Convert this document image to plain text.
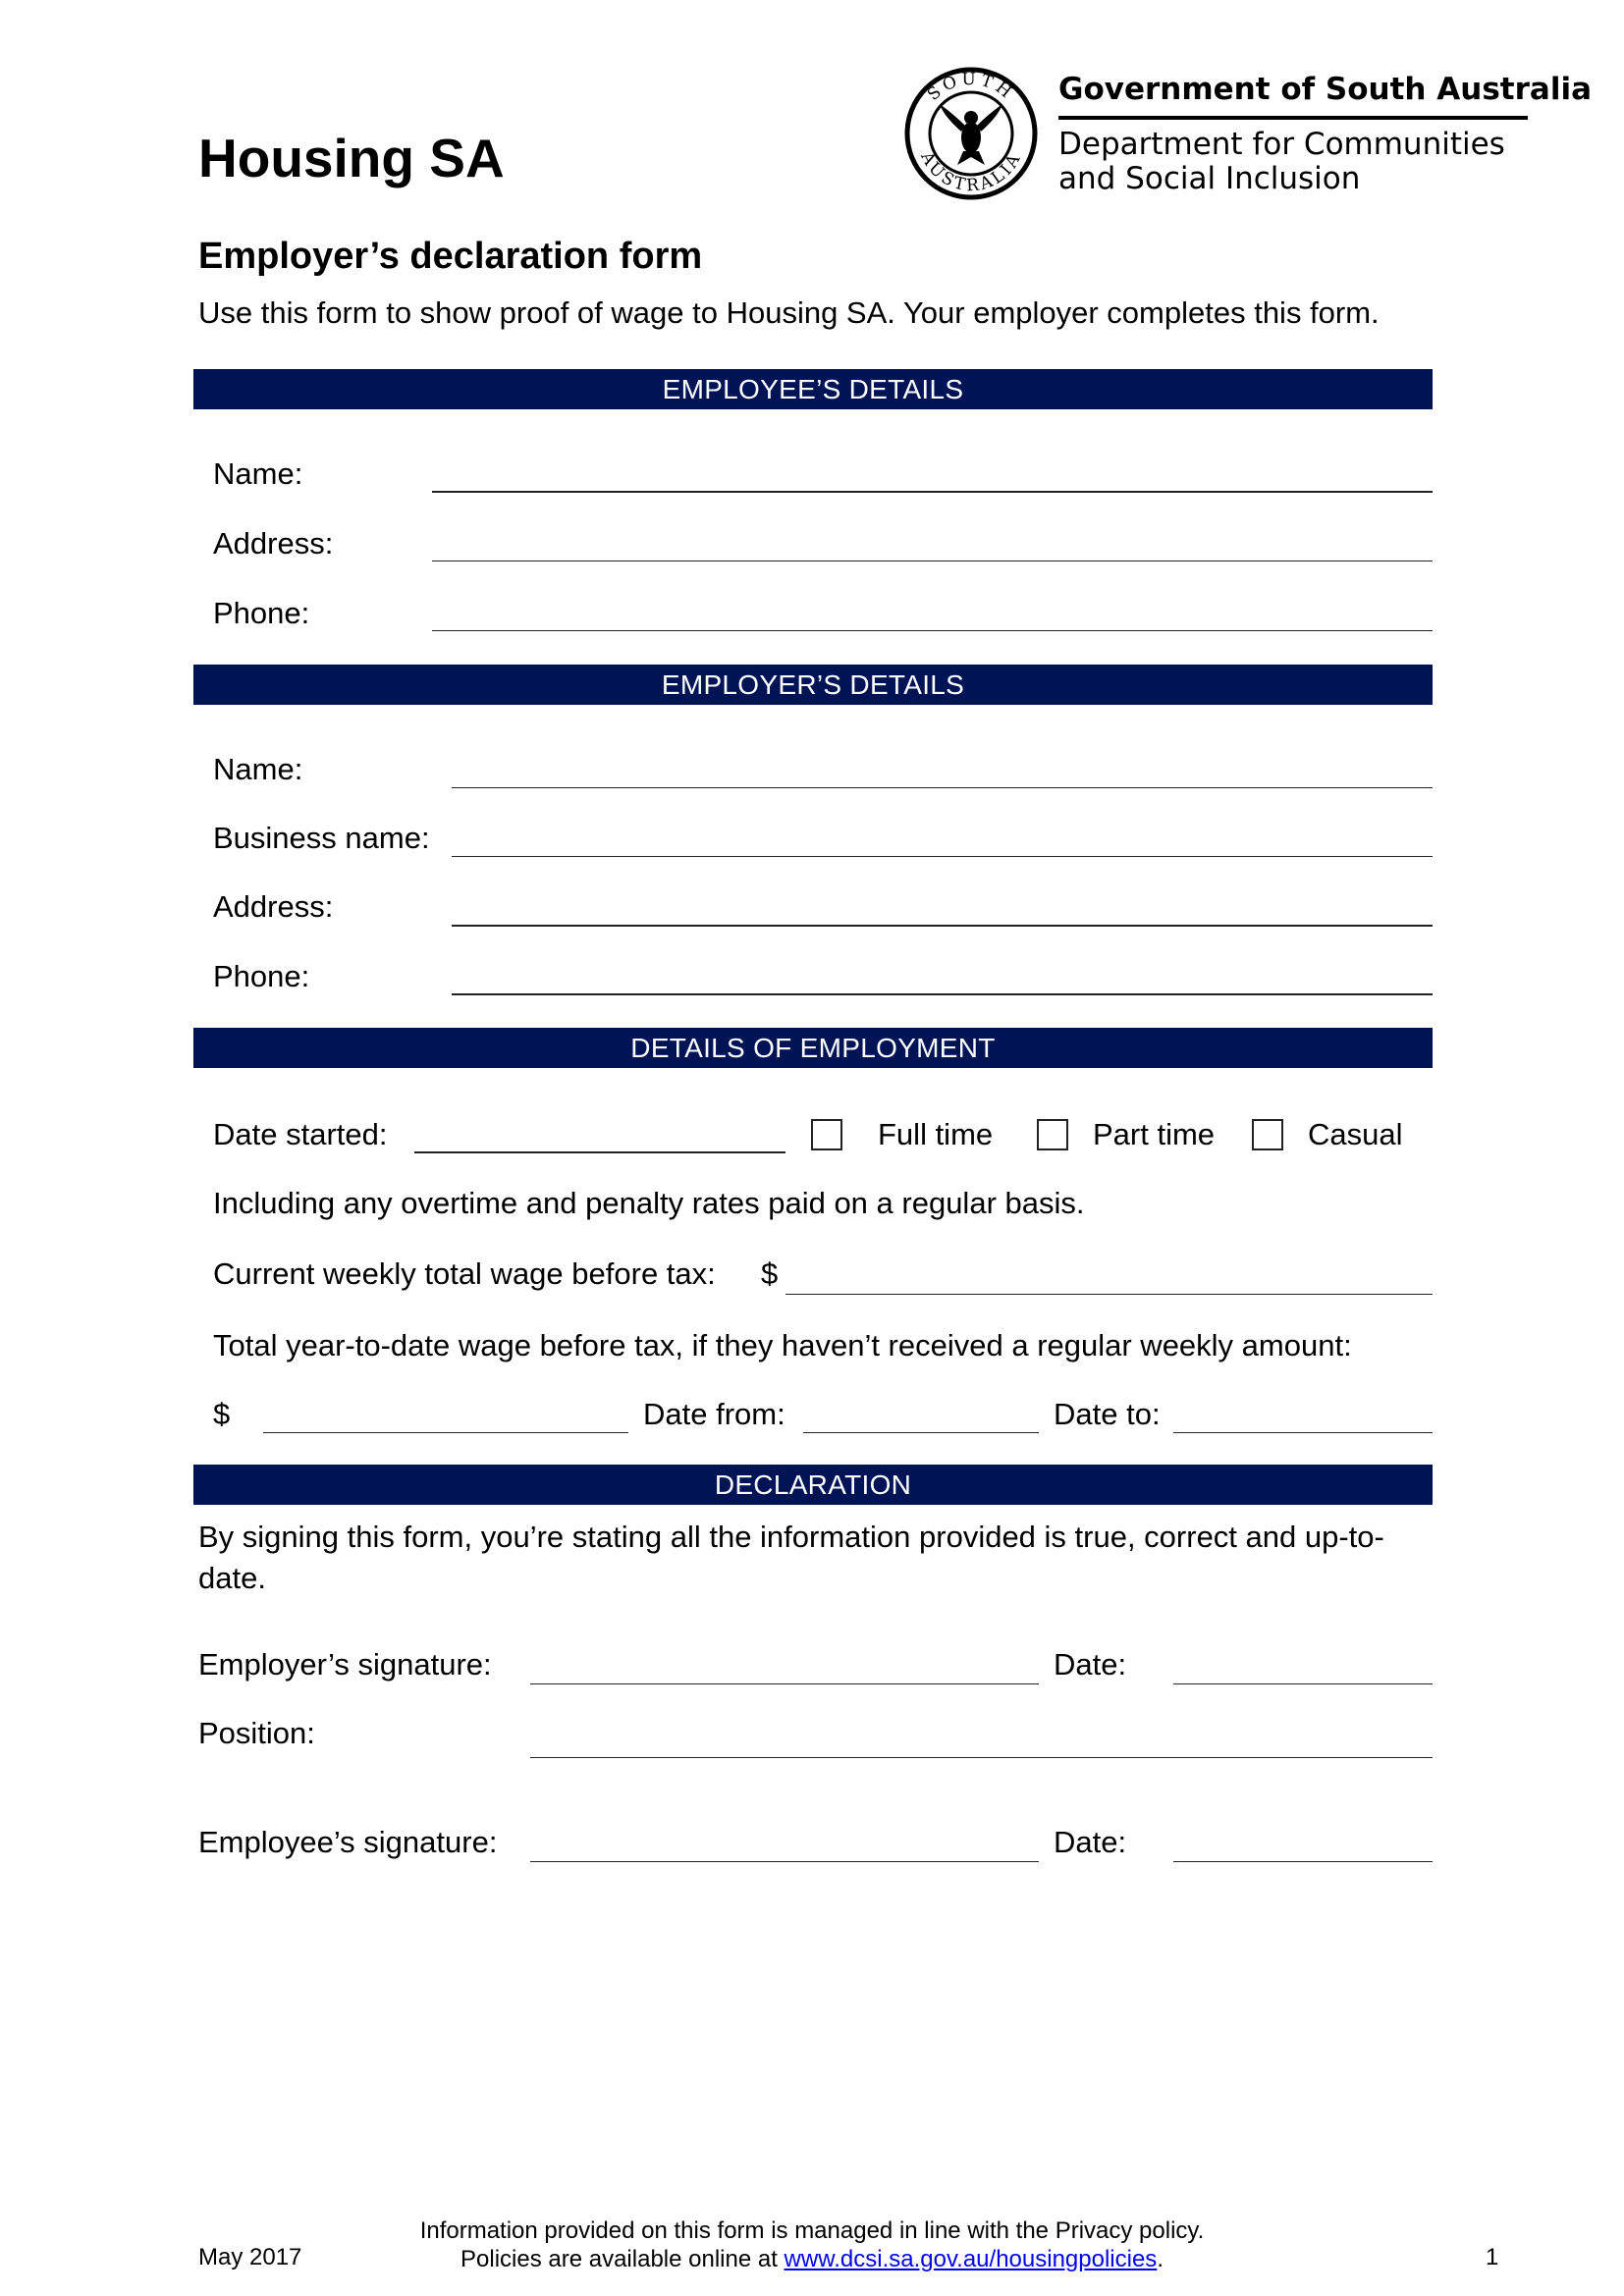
Housing SA
SOUTH
AUSTRALIA
Government of South Australia
Department for Communities
and Social Inclusion
Employer’s declaration form
Use this form to show proof of wage to Housing SA. Your employer completes this form.
EMPLOYEE’S DETAILS
Name:
Address:
Phone:
EMPLOYER’S DETAILS
Name:
Business name:
Address:
Phone:
DETAILS OF EMPLOYMENT
Date started:	Full time	Part time	Casual
Including any overtime and penalty rates paid on a regular basis.
Current weekly total wage before tax: $
Total year-to-date wage before tax, if they haven’t received a regular weekly amount:
$	Date from:	Date to:
DECLARATION
By signing this form, you’re stating all the information provided is true, correct and up-to-
date.
Employer’s signature:	Date:
Position:
Employee’s signature:	Date:
May 2017
Information provided on this form is managed in line with the Privacy policy.
Policies are available online at www.dcsi.sa.gov.au/housingpolicies.	1
